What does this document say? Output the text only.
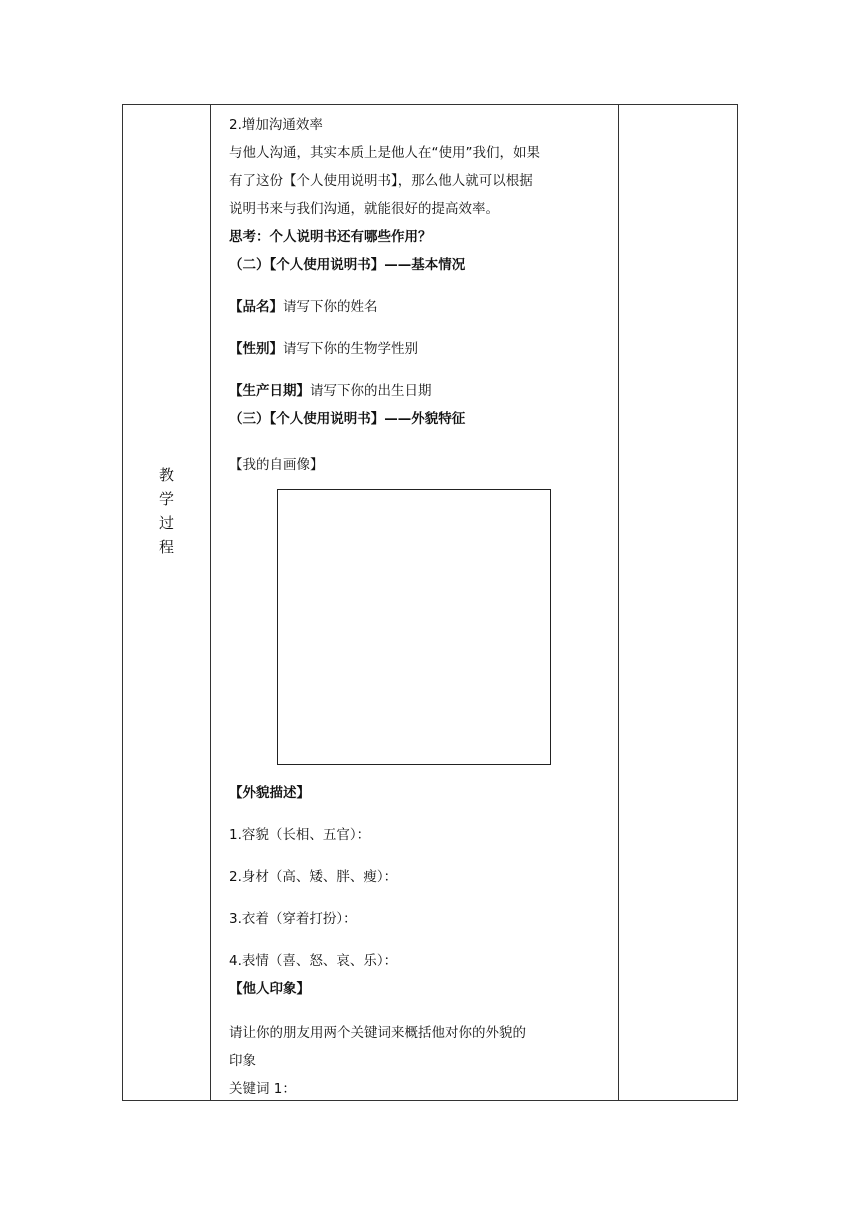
教
学
过
程

2.增加沟通效率

与他人沟通，其实本质上是他人在“使用”我们，如果

有了这份【个人使用说明书】，那么他人就可以根据

说明书来与我们沟通，就能很好的提高效率。

思考：个人说明书还有哪些作用？

（二）【个人使用说明书】——基本情况

【品名】请写下你的姓名

【性别】请写下你的生物学性别

【生产日期】请写下你的出生日期

（三）【个人使用说明书】——外貌特征

【我的自画像】

【外貌描述】

1.容貌（长相、五官）：

2.身材（高、矮、胖、瘦）：

3.衣着（穿着打扮）：

4.表情（喜、怒、哀、乐）：

【他人印象】

请让你的朋友用两个关键词来概括他对你的外貌的

印象

关键词 1：
